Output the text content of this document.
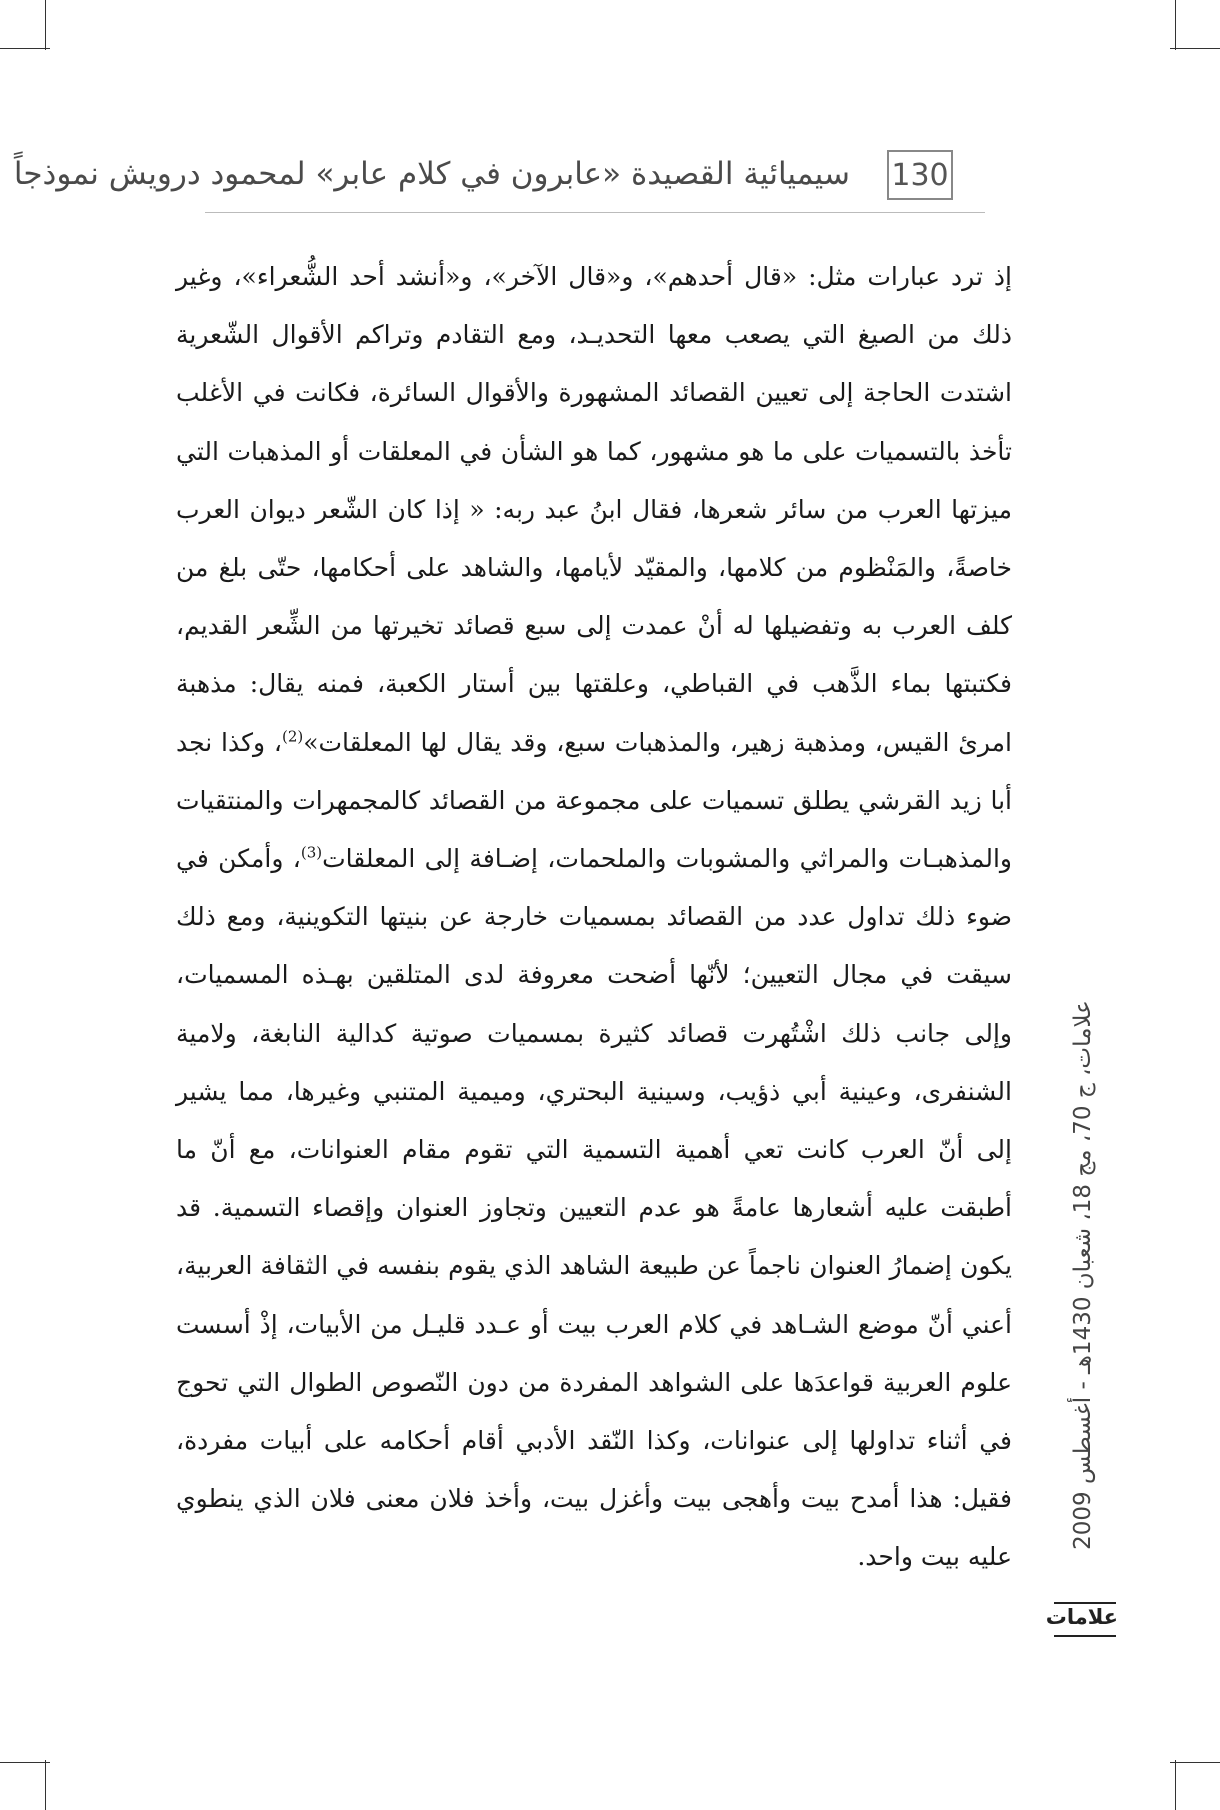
سيميائية القصيدة «عابرون في كلام عابر» لمحمود درويش نموذجاً 130

إذ ترد عبارات مثل: «قال أحدهم»، و«قال الآخر»، و«أنشد أحد الشُّعراء»، وغير ذلك من الصيغ التي يصعب معها التحديـد، ومع التقادم وتراكم الأقوال الشّعرية اشتدت الحاجة إلى تعيين القصائد المشهورة والأقوال السائرة، فكانت في الأغلب تأخذ بالتسميات على ما هو مشهور، كما هو الشأن في المعلقات أو المذهبات التي ميزتها العرب من سائر شعرها، فقال ابنُ عبد ربه: « إذا كان الشّعر ديوان العرب خاصةً، والمَنْظوم من كلامها، والمقيّد لأيامها، والشاهد على أحكامها، حتّى بلغ من كلف العرب به وتفضيلها له أنْ عمدت إلى سبع قصائد تخيرتها من الشِّعر القديم، فكتبتها بماء الذَّهب في القباطي، وعلقتها بين أستار الكعبة، فمنه يقال: مذهبة امرئ القيس، ومذهبة زهير، والمذهبات سبع، وقد يقال لها المعلقات»$^{(2)}$، وكذا نجد أبا زيد القرشي يطلق تسميات على مجموعة من القصائد كالمجمهرات والمنتقيات والمذهبـات والمراثي والمشوبات والملحمات، إضـافة إلى المعلقات$^{(3)}$، وأمكن في ضوء ذلك تداول عدد من القصائد بمسميات خارجة عن بنيتها التكوينية، ومع ذلك سيقت في مجال التعيين؛ لأنّها أضحت معروفة لدى المتلقين بهـذه المسميات، وإلى جانب ذلك اشْتُهرت قصائد كثيرة بمسميات صوتية كدالية النابغة، ولامية الشنفرى، وعينية أبي ذؤيب، وسينية البحتري، وميمية المتنبي وغيرها، مما يشير إلى أنّ العرب كانت تعي أهمية التسمية التي تقوم مقام العنوانات، مع أنّ ما أطبقت عليه أشعارها عامةً هو عدم التعيين وتجاوز العنوان وإقصاء التسمية. قد يكون إضمارُ العنوان ناجماً عن طبيعة الشاهد الذي يقوم بنفسه في الثقافة العربية، أعني أنّ موضع الشـاهد في كلام العرب بيت أو عـدد قليـل من الأبيات، إذْ أسست علوم العربية قواعدَها على الشواهد المفردة من دون النّصوص الطوال التي تحوج في أثناء تداولها إلى عنوانات، وكذا النّقد الأدبي أقام أحكامه على أبيات مفردة، فقيل: هذا أمدح بيت وأهجى بيت وأغزل بيت، وأخذ فلان معنى فلان الذي ينطوي عليه بيت واحد.

علامات، ج 70، مج 18، شعبان 1430هـ - أغسطس 2009
علامات
